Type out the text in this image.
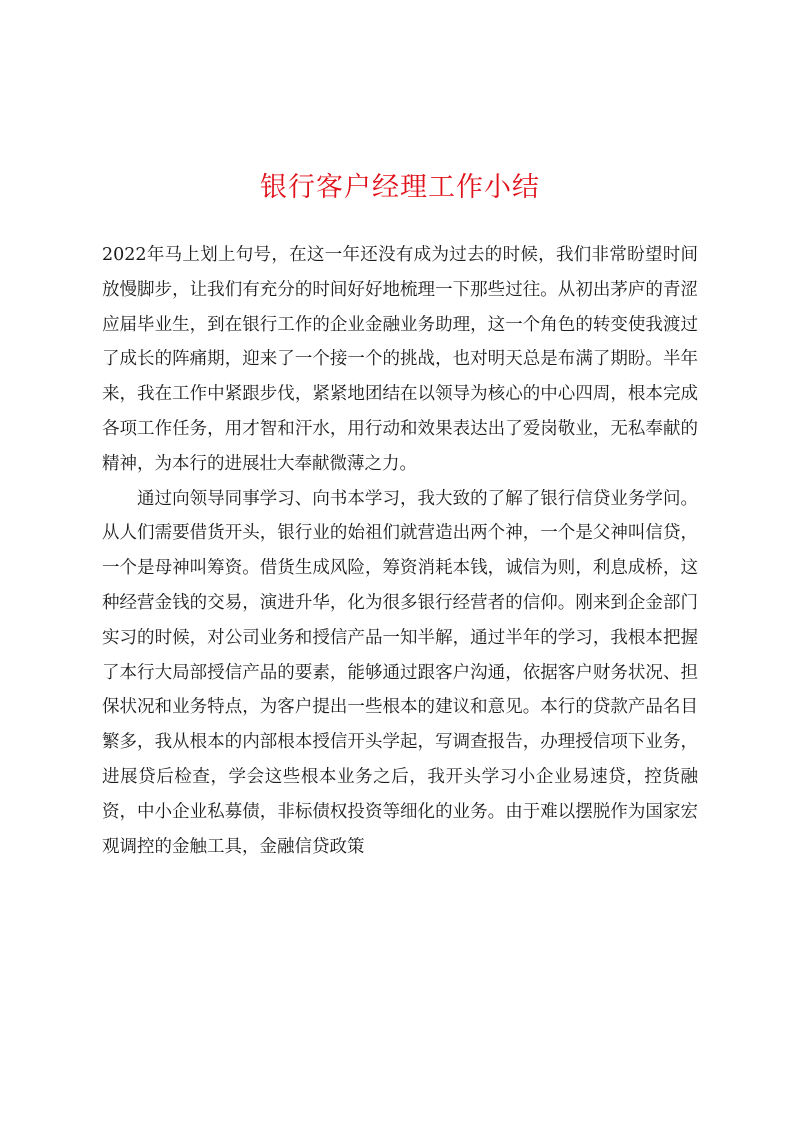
银行客户经理工作小结

2022年马上划上句号，在这一年还没有成为过去的时候，我们非常盼望时间放慢脚步，让我们有充分的时间好好地梳理一下那些过往。从初出茅庐的青涩应届毕业生，到在银行工作的企业金融业务助理，这一个角色的转变使我渡过了成长的阵痛期，迎来了一个接一个的挑战，也对明天总是布满了期盼。半年来，我在工作中紧跟步伐，紧紧地团结在以领导为核心的中心四周，根本完成各项工作任务，用才智和汗水，用行动和效果表达出了爱岗敬业，无私奉献的精神，为本行的进展壮大奉献微薄之力。

通过向领导同事学习、向书本学习，我大致的了解了银行信贷业务学问。从人们需要借货开头，银行业的始祖们就营造出两个神，一个是父神叫信贷，一个是母神叫筹资。借货生成风险，筹资消耗本钱，诚信为则，利息成桥，这种经营金钱的交易，演进升华，化为很多银行经营者的信仰。刚来到企金部门实习的时候，对公司业务和授信产品一知半解，通过半年的学习，我根本把握了本行大局部授信产品的要素，能够通过跟客户沟通，依据客户财务状况、担保状况和业务特点，为客户提出一些根本的建议和意见。本行的贷款产品名目繁多，我从根本的内部根本授信开头学起，写调查报告，办理授信项下业务，进展贷后检查，学会这些根本业务之后，我开头学习小企业易速贷，控货融资，中小企业私募债，非标债权投资等细化的业务。由于难以摆脱作为国家宏观调控的金触工具，金融信贷政策
